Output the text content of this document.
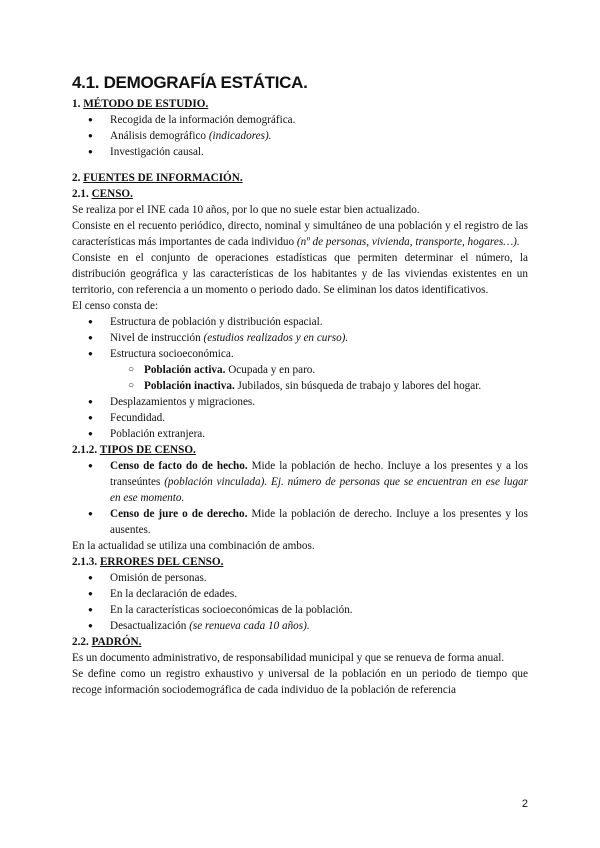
4.1. DEMOGRAFÍA ESTÁTICA.
1. MÉTODO DE ESTUDIO.
● Recogida de la información demográfica.
● Análisis demográfico (indicadores).
● Investigación causal.
2. FUENTES DE INFORMACIÓN.
2.1. CENSO.

Se realiza por el INE cada 10 años, por lo que no suele estar bien actualizado.

Consiste en el recuento periódico, directo, nominal y simultáneo de una población y el registro de las características más importantes de cada individuo (nº de personas, vivienda, transporte, hogares…).

Consiste en el conjunto de operaciones estadísticas que permiten determinar el número, la distribución geográfica y las características de los habitantes y de las viviendas existentes en un territorio, con referencia a un momento o periodo dado. Se eliminan los datos identificativos.

El censo consta de:

● Estructura de población y distribución espacial.
● Nivel de instrucción (estudios realizados y en curso).
● Estructura socioeconómica.
○ Población activa. Ocupada y en paro.
○ Población inactiva. Jubilados, sin búsqueda de trabajo y labores del hogar.
● Desplazamientos y migraciones.
● Fecundidad.
● Población extranjera.
2.1.2. TIPOS DE CENSO.
● Censo de facto do de hecho. Mide la población de hecho. Incluye a los presentes y a los transeúntes (población vinculada). Ej. número de personas que se encuentran en ese lugar en ese momento.
● Censo de jure o de derecho. Mide la población de derecho. Incluye a los presentes y los ausentes.

En la actualidad se utiliza una combinación de ambos.

2.1.3. ERRORES DEL CENSO.
● Omisión de personas.
● En la declaración de edades.
● En la características socioeconómicas de la población.
● Desactualización (se renueva cada 10 años).
2.2. PADRÓN.

Es un documento administrativo, de responsabilidad municipal y que se renueva de forma anual.

Se define como un registro exhaustivo y universal de la población en un periodo de tiempo que recoge información sociodemográfica de cada individuo de la población de referencia

2
